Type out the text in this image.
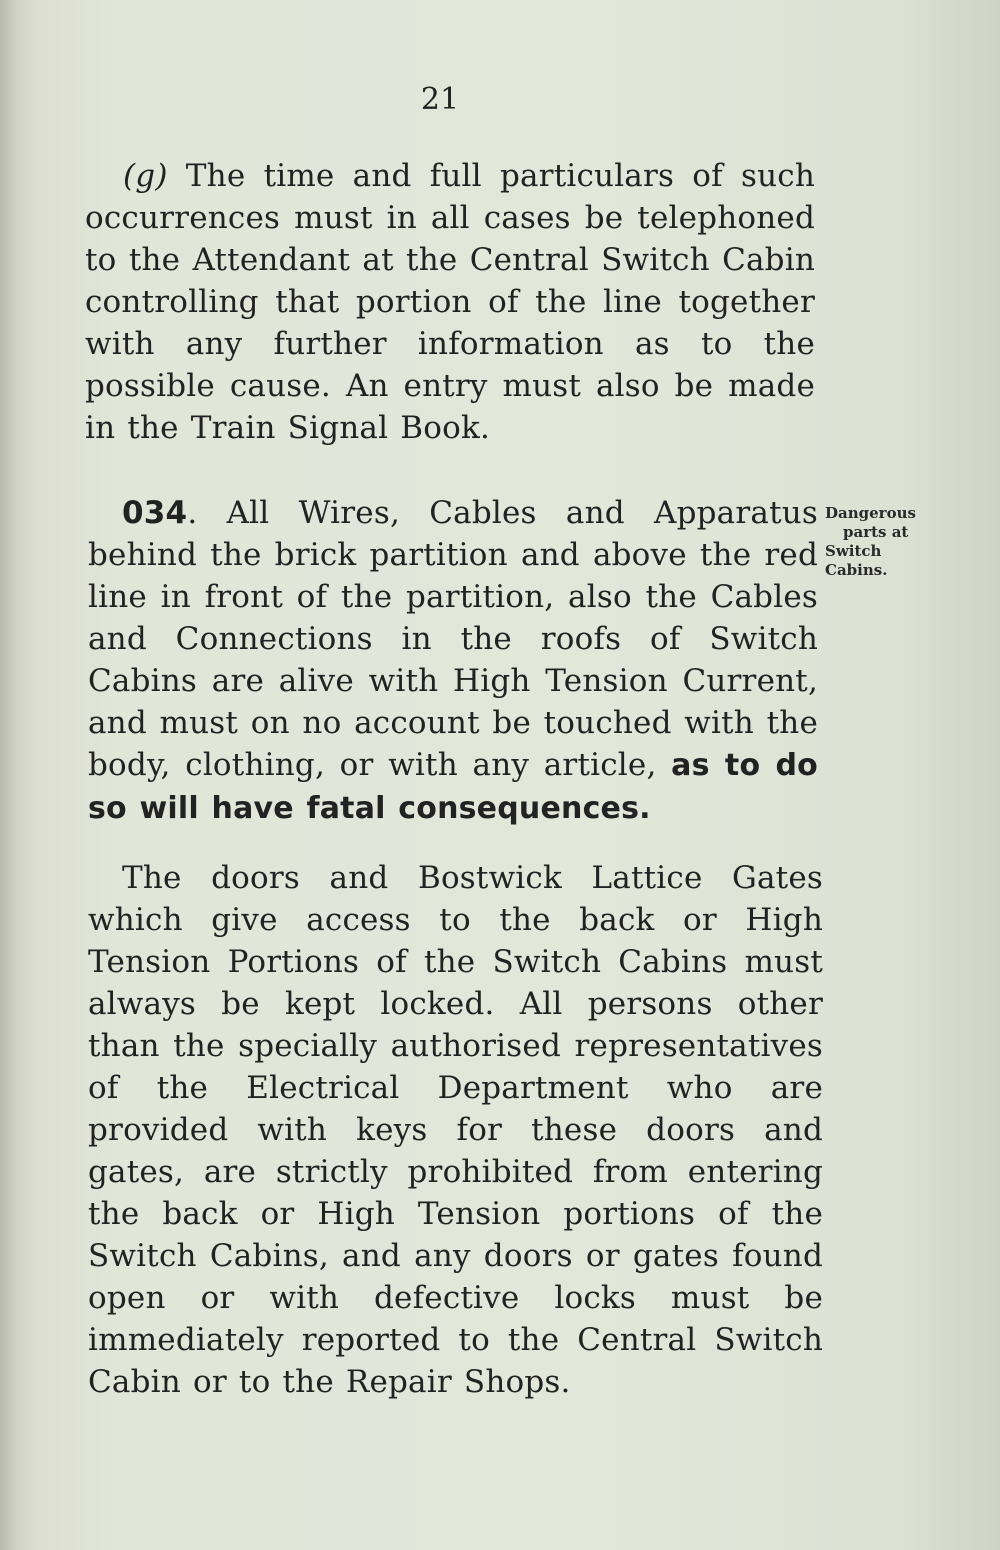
21
(g) The time and full particulars of such occurrences must in all cases be telephoned to the Attendant at the Central Switch Cabin controlling that portion of the line together with any further information as to the possible cause. An entry must also be made in the Train Signal Book.
034. All Wires, Cables and Apparatus behind the brick partition and above the red line in front of the partition, also the Cables and Connections in the roofs of Switch Cabins are alive with High Tension Current, and must on no account be touched with the body, clothing, or with any article, as to do so will have fatal consequences.
Dangerous
parts at
Switch
Cabins.
The doors and Bostwick Lattice Gates which give access to the back or High Tension Portions of the Switch Cabins must always be kept locked. All persons other than the specially authorised representatives of the Electrical Department who are provided with keys for these doors and gates, are strictly prohibited from entering the back or High Tension portions of the Switch Cabins, and any doors or gates found open or with defective locks must be immediately reported to the Central Switch Cabin or to the Repair Shops.
